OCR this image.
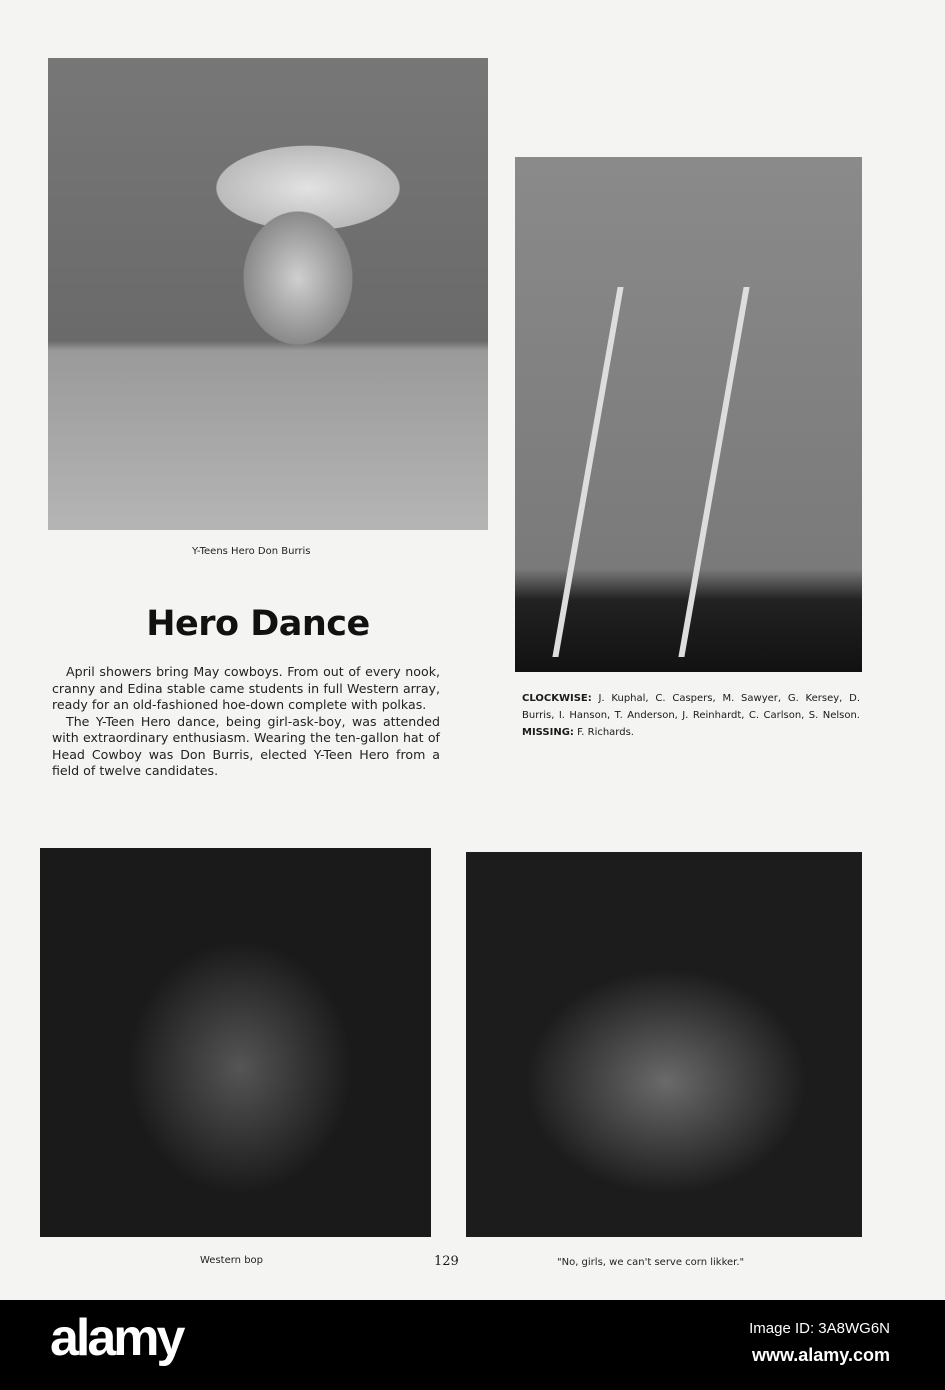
Y-Teens Hero Don Burris
Hero Dance

April showers bring May cowboys. From out of every nook, cranny and Edina stable came students in full Western array, ready for an old-fashioned hoe-down complete with polkas.

The Y-Teen Hero dance, being girl-ask-boy, was attended with extraordinary enthusiasm. Wearing the ten-gallon hat of Head Cowboy was Don Burris, elected Y-Teen Hero from a field of twelve candidates.

CLOCKWISE: J. Kuphal, C. Caspers, M. Sawyer, G. Kersey, D. Burris, I. Hanson, T. Anderson, J. Reinhardt, C. Carlson, S. Nelson. MISSING: F. Richards.
Western bop	129	"No, girls, we can't serve corn likker."
alamy	Image ID: 3A8WG6N
www.alamy.com
